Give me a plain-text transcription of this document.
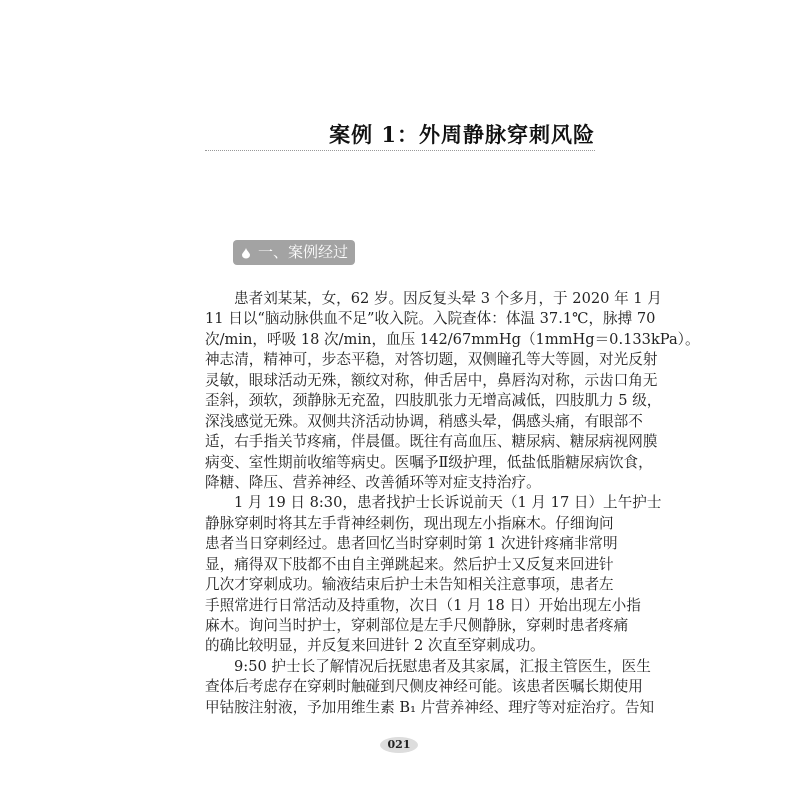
案例 1：外周静脉穿刺风险
一、案例经过
患者刘某某，女，62 岁。因反复头晕 3 个多月，于 2020 年 1 月
11 日以“脑动脉供血不足”收入院。入院查体：体温 37.1℃，脉搏 70
次/min，呼吸 18 次/min，血压 142/67mmHg（1mmHg＝0.133kPa）。
神志清，精神可，步态平稳，对答切题，双侧瞳孔等大等圆，对光反射
灵敏，眼球活动无殊，额纹对称，伸舌居中，鼻唇沟对称，示齿口角无
歪斜，颈软，颈静脉无充盈，四肢肌张力无增高减低，四肢肌力 5 级，
深浅感觉无殊。双侧共济活动协调，稍感头晕，偶感头痛，有眼部不
适，右手指关节疼痛，伴晨僵。既往有高血压、糖尿病、糖尿病视网膜
病变、室性期前收缩等病史。医嘱予Ⅱ级护理，低盐低脂糖尿病饮食，
降糖、降压、营养神经、改善循环等对症支持治疗。
1 月 19 日 8:30，患者找护士长诉说前天（1 月 17 日）上午护士
静脉穿刺时将其左手背神经刺伤，现出现左小指麻木。仔细询问
患者当日穿刺经过。患者回忆当时穿刺时第 1 次进针疼痛非常明
显，痛得双下肢都不由自主弹跳起来。然后护士又反复来回进针
几次才穿刺成功。输液结束后护士未告知相关注意事项，患者左
手照常进行日常活动及持重物，次日（1 月 18 日）开始出现左小指
麻木。询问当时护士，穿刺部位是左手尺侧静脉，穿刺时患者疼痛
的确比较明显，并反复来回进针 2 次直至穿刺成功。
9:50 护士长了解情况后抚慰患者及其家属，汇报主管医生，医生
查体后考虑存在穿刺时触碰到尺侧皮神经可能。该患者医嘱长期使用
甲钴胺注射液，予加用维生素 B₁ 片营养神经、理疗等对症治疗。告知
021
